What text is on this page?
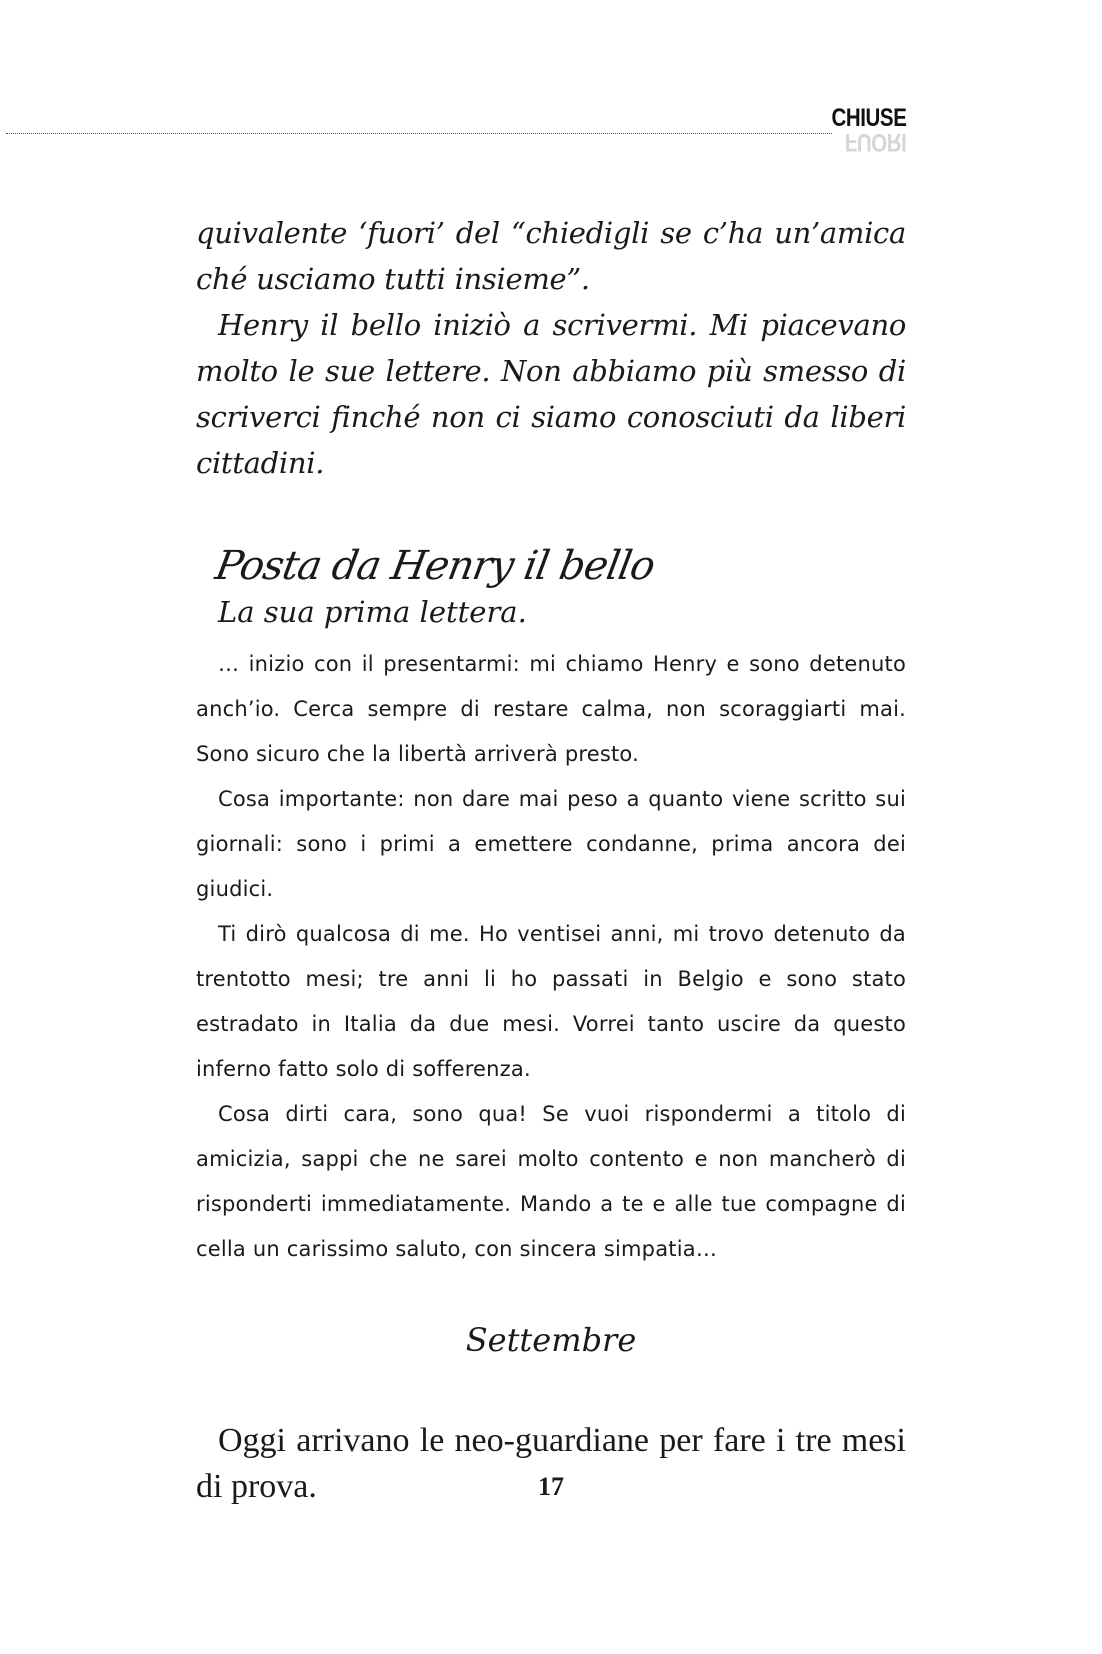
CHIUSE
FUORI

quivalente ‘fuori’ del “chiedigli se c’ha un’amica ché usciamo tutti insieme”.

Henry il bello iniziò a scrivermi. Mi piacevano molto le sue lettere. Non abbiamo più smesso di scriverci finché non ci siamo conosciuti da liberi cittadini.

Posta da Henry il bello
La sua prima lettera.

… inizio con il presentarmi: mi chiamo Henry e sono detenuto anch’io. Cerca sempre di restare calma, non scoraggiarti mai. Sono sicuro che la libertà arriverà presto.

Cosa importante: non dare mai peso a quanto viene scritto sui giornali: sono i primi a emettere condanne, prima ancora dei giudici.

Ti dirò qualcosa di me. Ho ventisei anni, mi trovo detenuto da trentotto mesi; tre anni li ho passati in Belgio e sono stato estradato in Italia da due mesi. Vorrei tanto uscire da questo inferno fatto solo di sofferenza.

Cosa dirti cara, sono qua! Se vuoi rispondermi a titolo di amicizia, sappi che ne sarei molto contento e non mancherò di risponderti immediatamente. Mando a te e alle tue compagne di cella un carissimo saluto, con sincera simpatia…

Settembre

Oggi arrivano le neo-guardiane per fare i tre mesi di prova.	17
